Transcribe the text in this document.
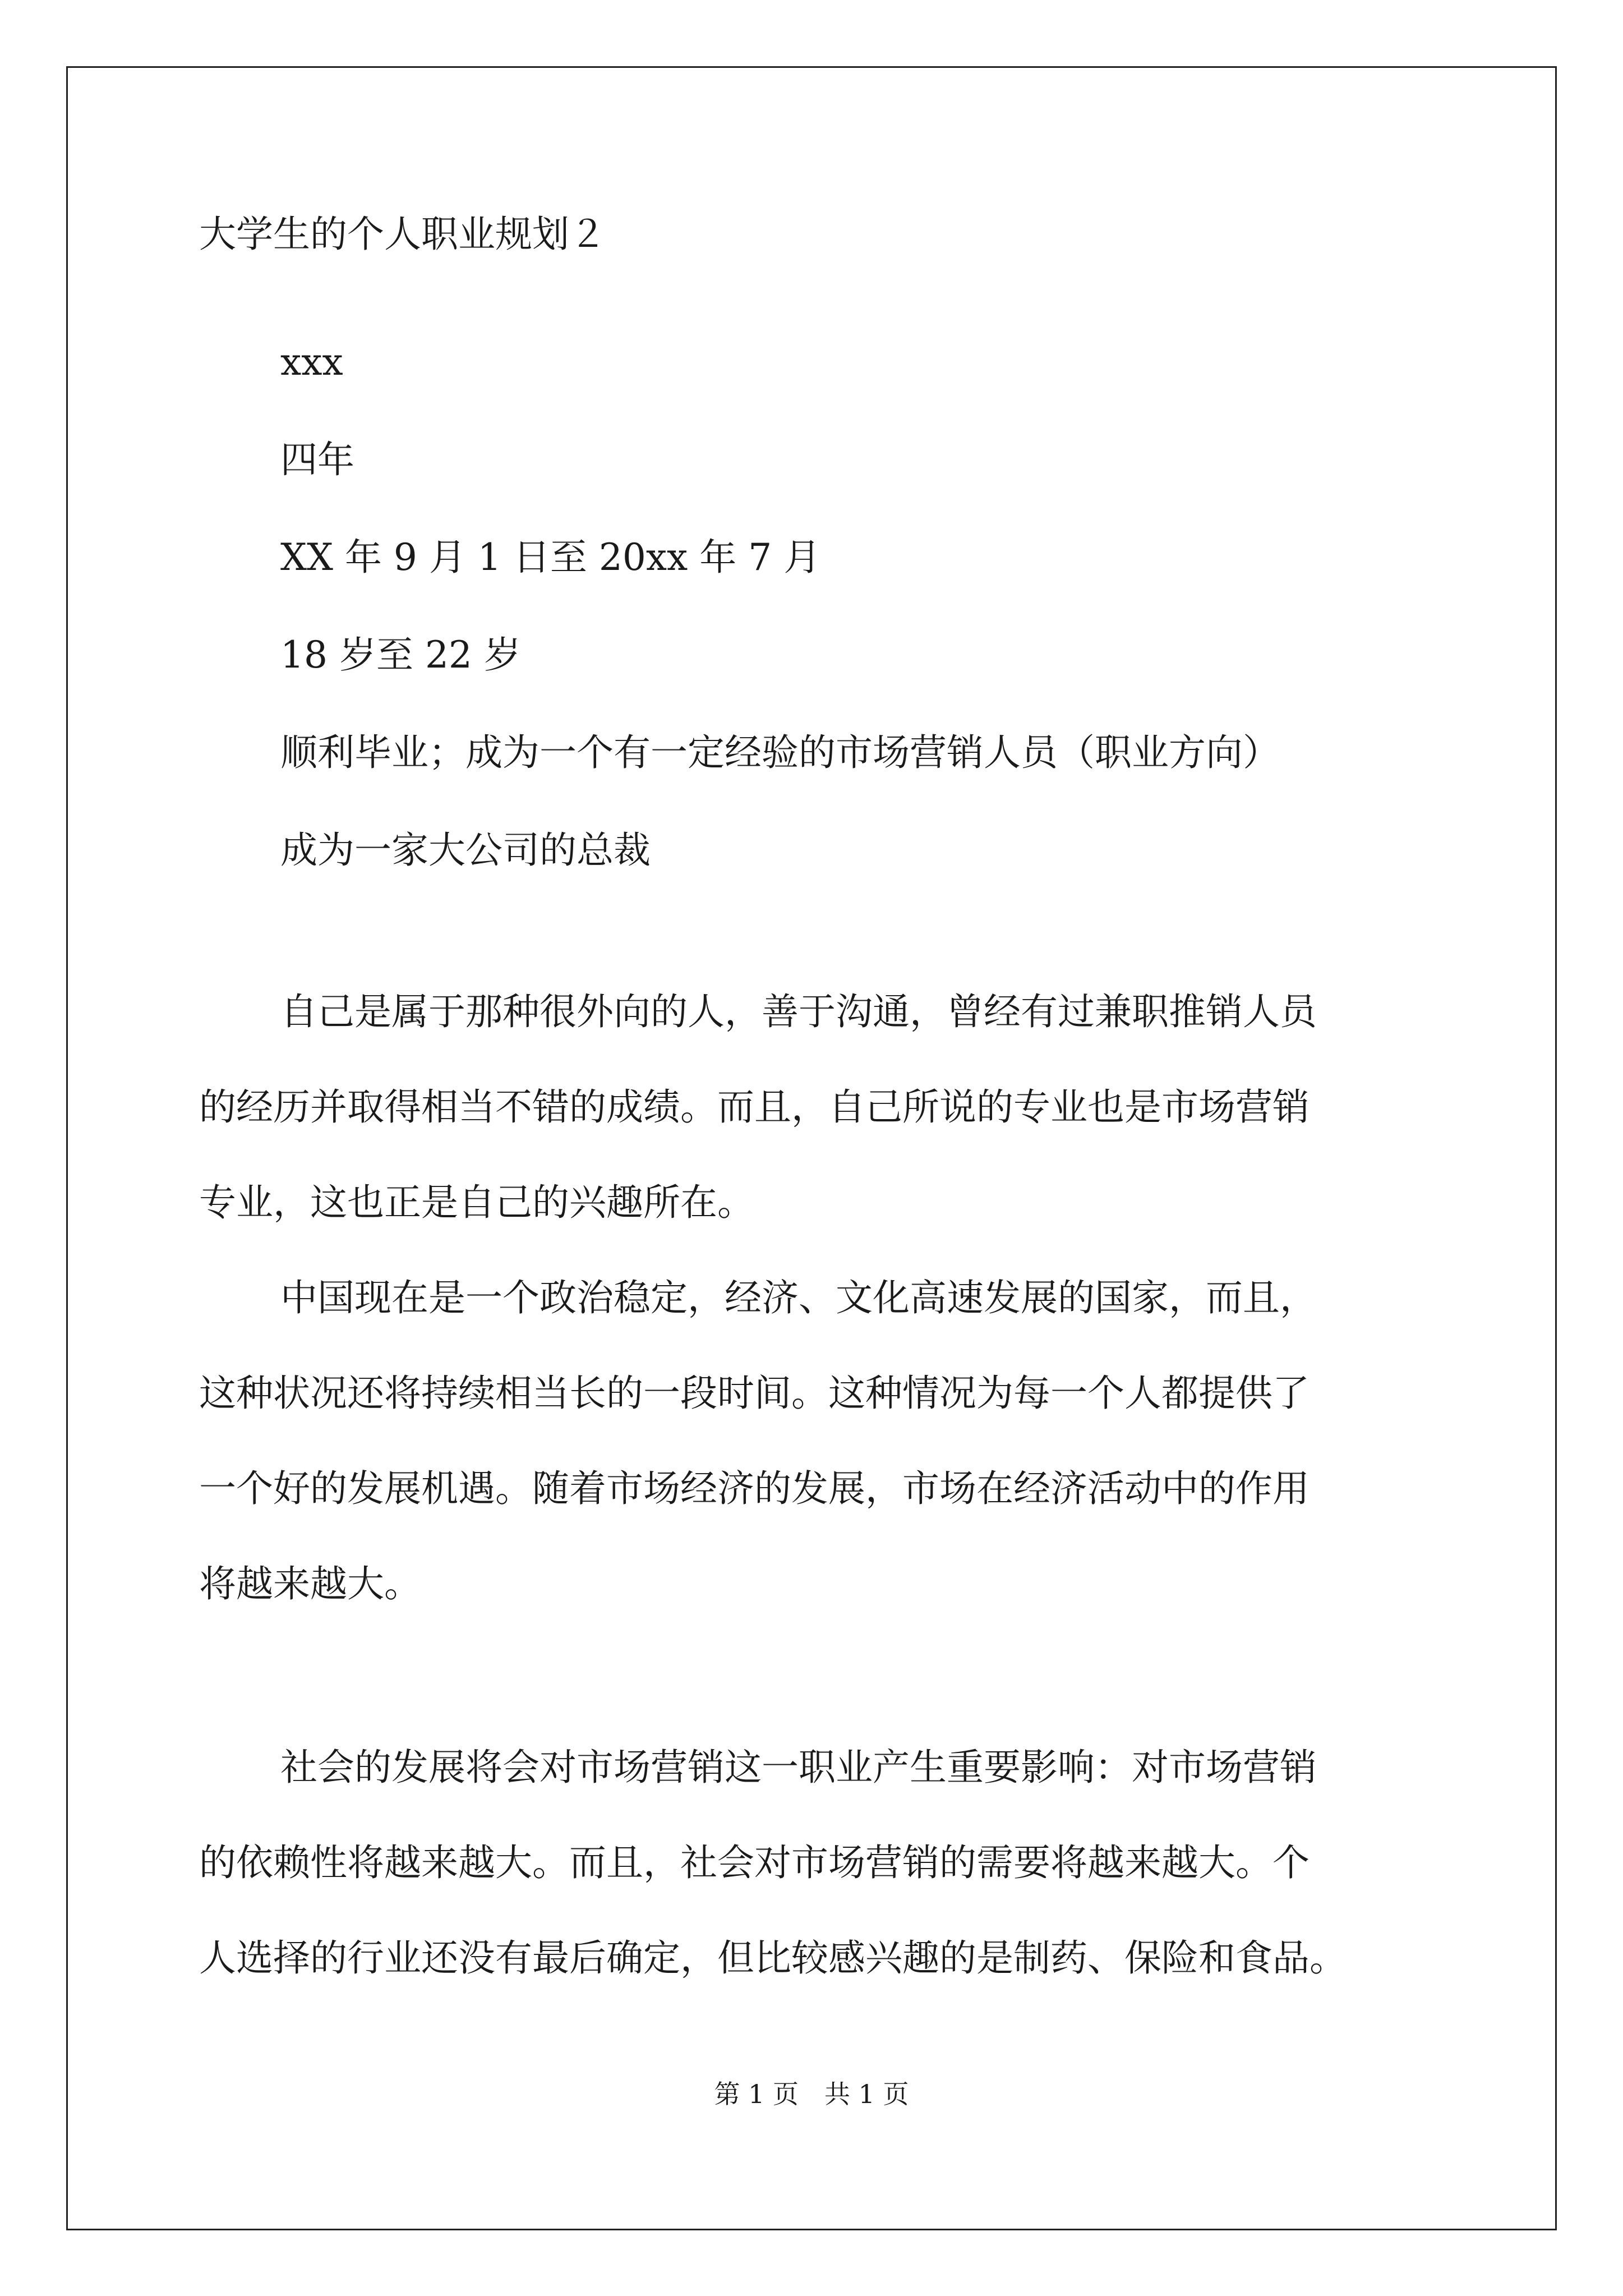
大学生的个人职业规划２

xxx

四年

XX 年 9 月 1 日至 20xx 年 7 月

18 岁至 22 岁

顺利毕业；成为一个有一定经验的市场营销人员（职业方向）

成为一家大公司的总裁

自己是属于那种很外向的人，善于沟通，曾经有过兼职推销人员

的经历并取得相当不错的成绩。而且，自己所说的专业也是市场营销

专业，这也正是自己的兴趣所在。

中国现在是一个政治稳定，经济、文化高速发展的国家，而且，

这种状况还将持续相当长的一段时间。这种情况为每一个人都提供了

一个好的发展机遇。随着市场经济的发展，市场在经济活动中的作用

将越来越大。

社会的发展将会对市场营销这一职业产生重要影响：对市场营销

的依赖性将越来越大。而且，社会对市场营销的需要将越来越大。个

人选择的行业还没有最后确定，但比较感兴趣的是制药、保险和食品。

第 1 页　共 1 页
